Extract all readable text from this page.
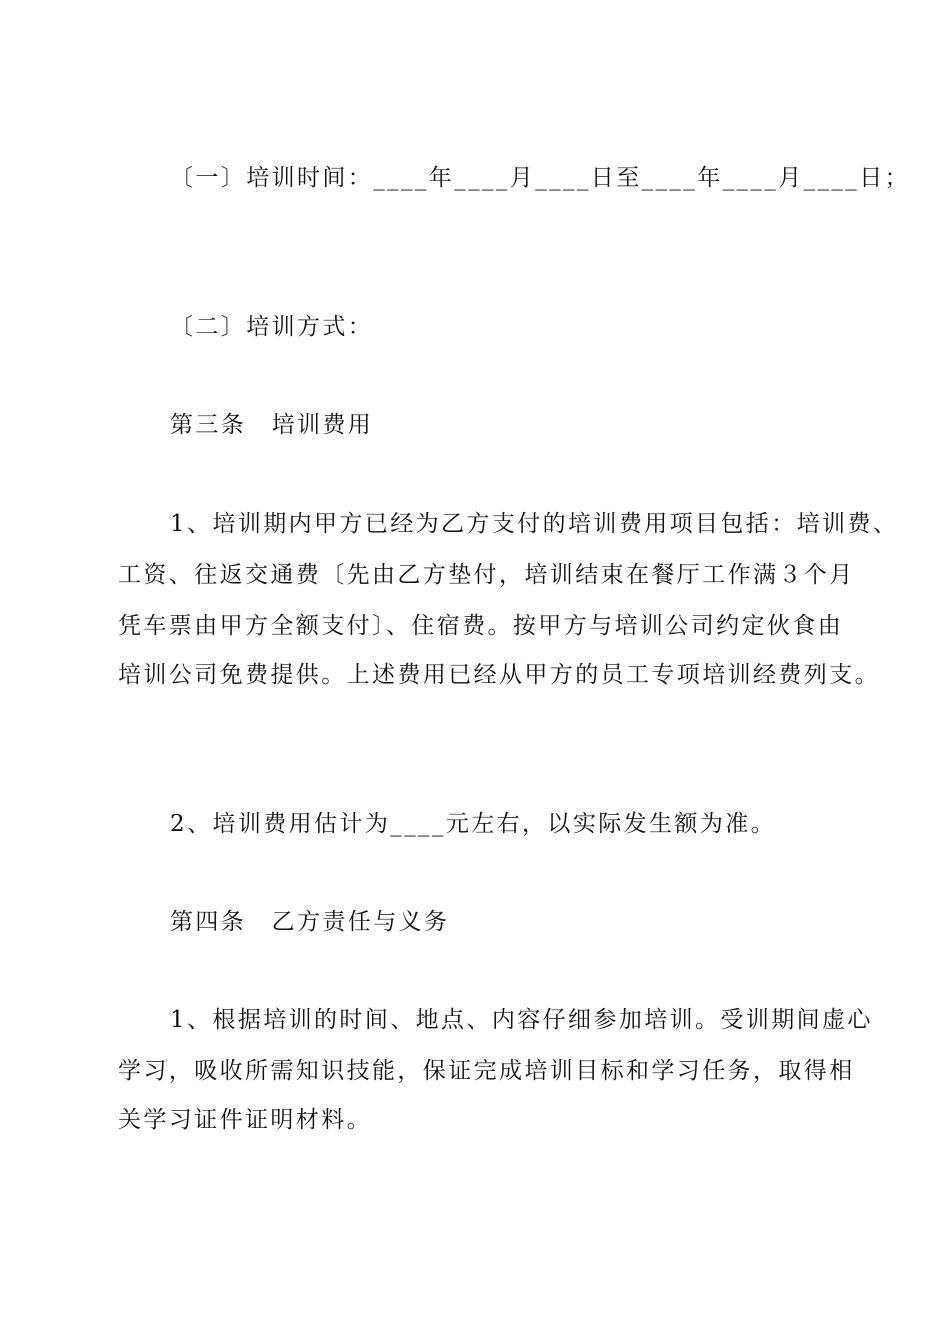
〔一〕培训时间：____年____月____日至____年____月____日；
〔二〕培训方式：
第三条　培训费用
1、培训期内甲方已经为乙方支付的培训费用项目包括：培训费、
工资、往返交通费〔先由乙方垫付，培训结束在餐厅工作满３个月
凭车票由甲方全额支付〕、住宿费。按甲方与培训公司约定伙食由
培训公司免费提供。上述费用已经从甲方的员工专项培训经费列支。
2、培训费用估计为____元左右，以实际发生额为准。
第四条　乙方责任与义务
1、根据培训的时间、地点、内容仔细参加培训。受训期间虚心
学习，吸收所需知识技能，保证完成培训目标和学习任务，取得相
关学习证件证明材料。
